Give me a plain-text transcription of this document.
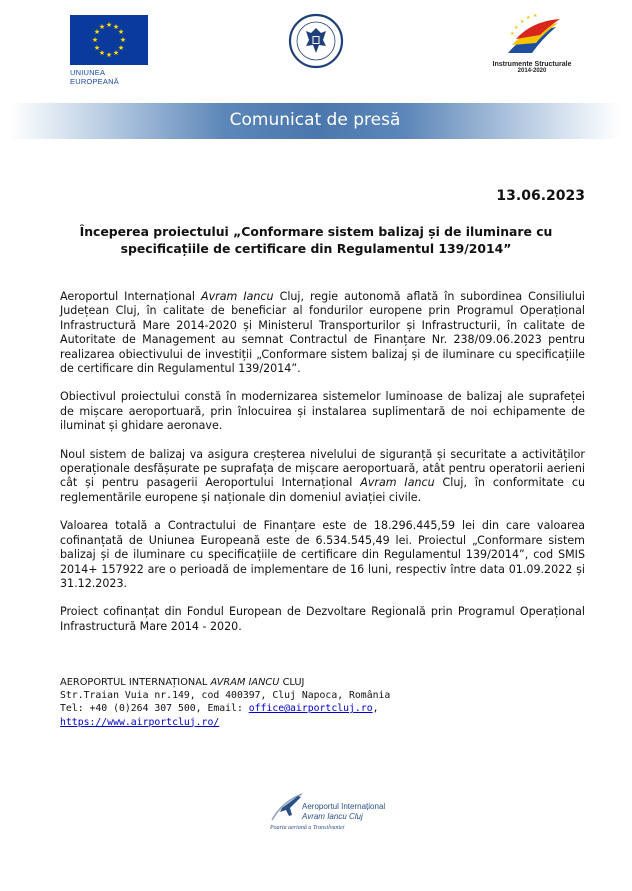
★ ★
★
★
★
★
★
★
★
★
★
★
UNIUNEA EUROPEANĂ
★
★ ★
★
★
Instrumente Structurale
2014-2020
Comunicat de presă
13.06.2023
Începerea proiectului „Conformare sistem balizaj și de iluminare cu specificațiile de certificare din Regulamentul 139/2014”

Aeroportul Internațional Avram Iancu Cluj, regie autonomă aflată în subordinea Consiliului Județean Cluj, în calitate de beneficiar al fondurilor europene prin Programul Operațional Infrastructură Mare 2014-2020 și Ministerul Transporturilor și Infrastructurii, în calitate de Autoritate de Management au semnat Contractul de Finanțare Nr. 238/09.06.2023 pentru realizarea obiectivului de investiții „Conformare sistem balizaj și de iluminare cu specificațiile de certificare din Regulamentul 139/2014”.

Obiectivul proiectului constă în modernizarea sistemelor luminoase de balizaj ale suprafeței de mișcare aeroportuară, prin înlocuirea și instalarea suplimentară de noi echipamente de iluminat și ghidare aeronave.

Noul sistem de balizaj va asigura creșterea nivelului de siguranță și securitate a activităților operaționale desfășurate pe suprafața de mișcare aeroportuară, atât pentru operatorii aerieni cât și pentru pasagerii Aeroportului Internațional Avram Iancu Cluj, în conformitate cu reglementările europene și naționale din domeniul aviației civile.

Valoarea totală a Contractului de Finanțare este de 18.296.445,59 lei din care valoarea cofinanțată de Uniunea Europeană este de 6.534.545,49 lei. Proiectul „Conformare sistem balizaj și de iluminare cu specificațiile de certificare din Regulamentul 139/2014”, cod SMIS 2014+ 157922 are o perioadă de implementare de 16 luni, respectiv între data 01.09.2022 și 31.12.2023.

Proiect cofinanțat din Fondul European de Dezvoltare Regională prin Programul Operațional Infrastructură Mare 2014 - 2020.

AEROPORTUL INTERNAȚIONAL AVRAM IANCU CLUJ
Str.Traian Vuia nr.149, cod 400397, Cluj Napoca, România
Tel: +40 (0)264 307 500, Email: office@airportcluj.ro,
https://www.airportcluj.ro/
Aeroportul Internațional
Avram Iancu Cluj
Poarta aeriană a Transilvaniei
